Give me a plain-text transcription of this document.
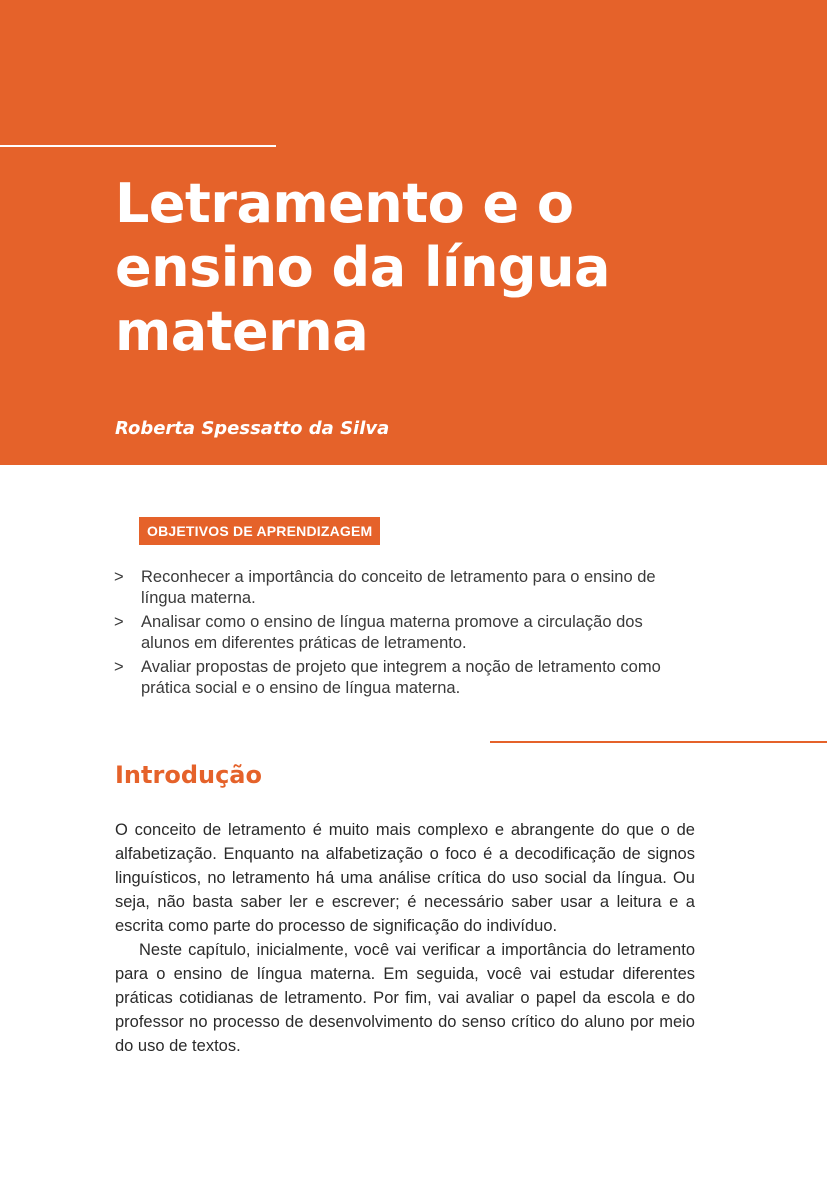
Letramento e o
ensino da língua
materna
Roberta Spessatto da Silva
OBJETIVOS DE APRENDIZAGEM
>	Reconhecer a importância do conceito de letramento para o ensino de língua materna.
>	Analisar como o ensino de língua materna promove a circulação dos alunos em diferentes práticas de letramento.
>	Avaliar propostas de projeto que integrem a noção de letramento como prática social e o ensino de língua materna.
Introdução

O conceito de letramento é muito mais complexo e abrangente do que o de alfabetização. Enquanto na alfabetização o foco é a decodificação de signos linguísticos, no letramento há uma análise crítica do uso social da língua. Ou seja, não basta saber ler e escrever; é necessário saber usar a leitura e a escrita como parte do processo de significação do indivíduo.

Neste capítulo, inicialmente, você vai verificar a importância do letramento para o ensino de língua materna. Em seguida, você vai estudar diferentes práticas cotidianas de letramento. Por fim, vai avaliar o papel da escola e do professor no processo de desenvolvimento do senso crítico do aluno por meio do uso de textos.
